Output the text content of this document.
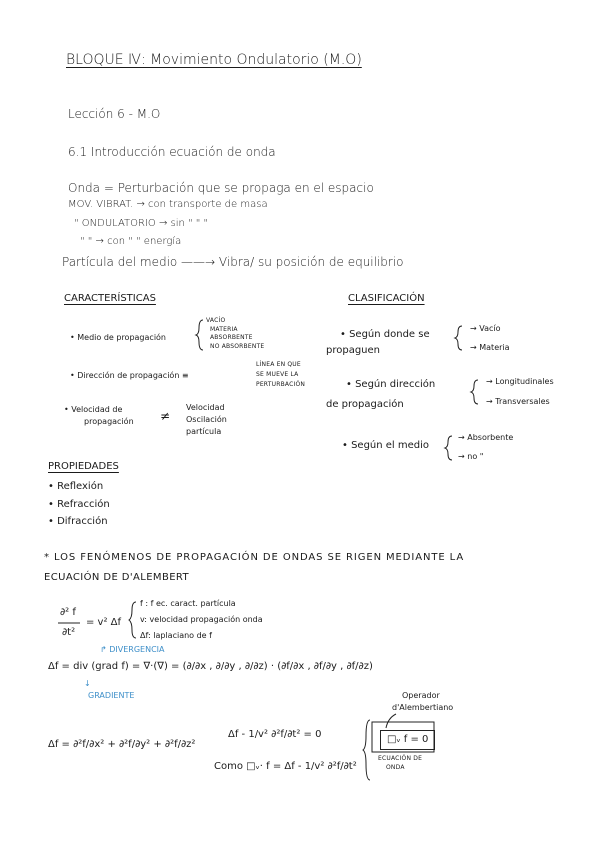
BLOQUE Ⅳ: Movimiento Ondulatorio (M.O)
Lección 6 - M.O
6.1 Introducción ecuación de onda
Onda = Perturbación que se propaga en el espacio
MOV. VIBRAT. → con transporte de masa
" ONDULATORIO → sin " " "
" " → con " " energía
Partícula del medio ——→ Vibra/ su posición de equilibrio
CARACTERÍSTICAS
• Medio de propagación
VACÍO
MATERIA
ABSORBENTE
NO ABSORBENTE
• Dirección de propagación ≡
LÍNEA EN QUE
SE MUEVE LA
PERTURBACIÓN
• Velocidad de
propagación ≠
Velocidad
Oscilación
partícula
CLASIFICACIÓN
• Según donde se
propaguen
→ Vacío
→ Materia
• Según dirección
de propagación
→ Longitudinales
→ Transversales
• Según el medio
→ Absorbente
→ no "
PROPIEDADES
• Reflexión
• Refracción
• Difracción
* LOS FENÓMENOS DE PROPAGACIÓN DE ONDAS SE RIGEN MEDIANTE LA
ECUACIÓN DE D'ALEMBERT
∂² f
∂t²
= v² Δf
f : f ec. caract. partícula
v: velocidad propagación onda
Δf: laplaciano de f
↱ DIVERGENCIA
Δf = div (grad f) = ∇·(∇) = (∂/∂x , ∂/∂y , ∂/∂z) · (∂f/∂x , ∂f/∂y , ∂f/∂z)
↓
GRADIENTE
Δf = ∂²f/∂x² + ∂²f/∂y² + ∂²f/∂z²
Δf - 1/v² ∂²f/∂t² = 0
Como □ᵥ· f = Δf - 1/v² ∂²f/∂t²
Operador
d'Alembertiano
□ᵥ f = 0
ECUACIÓN DE
ONDA
